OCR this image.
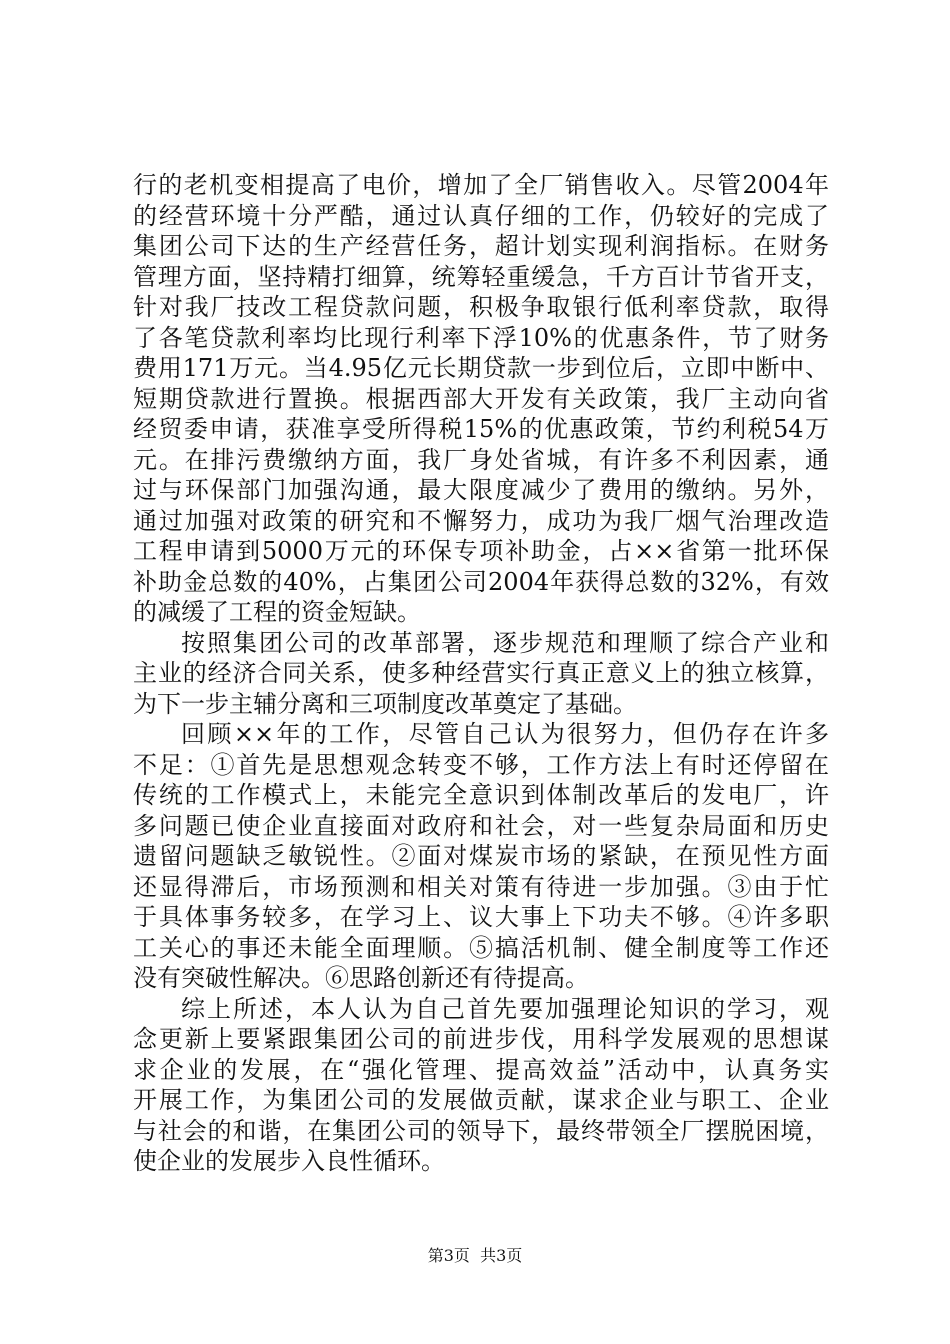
行的老机变相提高了电价，增加了全厂销售收入。尽管2004年
的经营环境十分严酷，通过认真仔细的工作，仍较好的完成了
集团公司下达的生产经营任务，超计划实现利润指标。在财务
管理方面，坚持精打细算，统筹轻重缓急，千方百计节省开支，
针对我厂技改工程贷款问题，积极争取银行低利率贷款，取得
了各笔贷款利率均比现行利率下浮10%的优惠条件，节了财务
费用171万元。当4.95亿元长期贷款一步到位后，立即中断中、
短期贷款进行置换。根据西部大开发有关政策，我厂主动向省
经贸委申请，获准享受所得税15%的优惠政策，节约利税54万
元。在排污费缴纳方面，我厂身处省城，有许多不利因素，通
过与环保部门加强沟通，最大限度减少了费用的缴纳。另外，
通过加强对政策的研究和不懈努力，成功为我厂烟气治理改造
工程申请到5000万元的环保专项补助金，占××省第一批环保
补助金总数的40%，占集团公司2004年获得总数的32%，有效
的减缓了工程的资金短缺。
按照集团公司的改革部署，逐步规范和理顺了综合产业和
主业的经济合同关系，使多种经营实行真正意义上的独立核算，
为下一步主辅分离和三项制度改革奠定了基础。
回顾××年的工作，尽管自己认为很努力，但仍存在许多
不足：①首先是思想观念转变不够，工作方法上有时还停留在
传统的工作模式上，未能完全意识到体制改革后的发电厂，许
多问题已使企业直接面对政府和社会，对一些复杂局面和历史
遗留问题缺乏敏锐性。②面对煤炭市场的紧缺，在预见性方面
还显得滞后，市场预测和相关对策有待进一步加强。③由于忙
于具体事务较多，在学习上、议大事上下功夫不够。④许多职
工关心的事还未能全面理顺。⑤搞活机制、健全制度等工作还
没有突破性解决。⑥思路创新还有待提高。
综上所述，本人认为自己首先要加强理论知识的学习，观
念更新上要紧跟集团公司的前进步伐，用科学发展观的思想谋
求企业的发展，在“强化管理、提高效益”活动中，认真务实
开展工作，为集团公司的发展做贡献，谋求企业与职工、企业
与社会的和谐，在集团公司的领导下，最终带领全厂摆脱困境，
使企业的发展步入良性循环。
第3页  共3页
